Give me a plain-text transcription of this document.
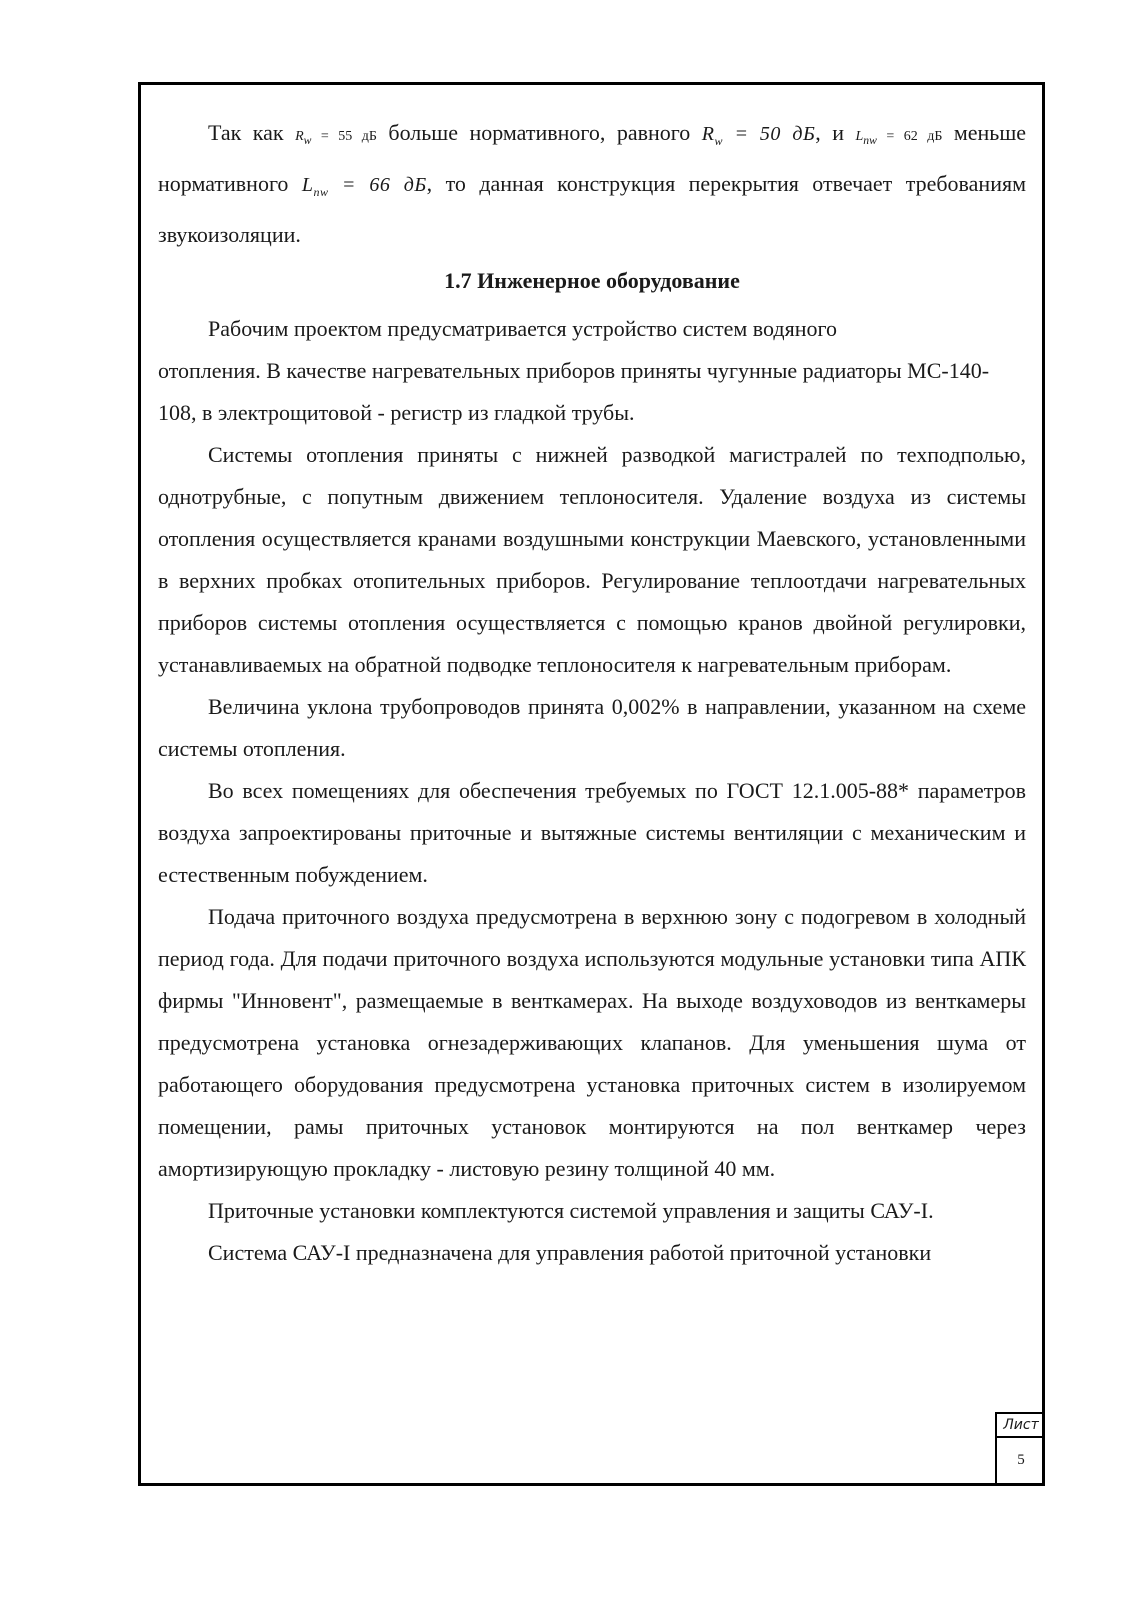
Так как $R_w = 55$ дБ больше нормативного, равного $R_w = 50$ дБ, и $L_{nw} = 62$ дБ меньше нормативного $L_{nw} = 66$ дБ, то данная конструкция перекрытия отвечает требованиям звукоизоляции.

1.7 Инженерное оборудование

Рабочим проектом предусматривается устройство систем водяного

отопления. В качестве нагревательных приборов приняты чугунные радиаторы МС-140-108, в электрощитовой - регистр из гладкой трубы.

Системы отопления приняты с нижней разводкой магистралей по техподполью, однотрубные, с попутным движением теплоносителя. Удаление воздуха из системы отопления осуществляется кранами воздушными конструкции Маевского, установленными в верхних пробках отопительных приборов. Регулирование теплоотдачи нагревательных приборов системы отопления осуществляется с помощью кранов двойной регулировки, устанавливаемых на обратной подводке теплоносителя к нагревательным приборам.

Величина уклона трубопроводов принята 0,002% в направлении, указанном на схеме системы отопления.

Во всех помещениях для обеспечения требуемых по ГОСТ 12.1.005-88* параметров воздуха запроектированы приточные и вытяжные системы вентиляции с механическим и естественным побуждением.

Подача приточного воздуха предусмотрена в верхнюю зону с подогревом в холодный период года. Для подачи приточного воздуха используются модульные установки типа АПК фирмы "Инновент", размещаемые в венткамерах. На выходе воздуховодов из венткамеры предусмотрена установка огнезадерживающих клапанов. Для уменьшения шума от работающего оборудования предусмотрена установка приточных систем в изолируемом помещении, рамы приточных установок монтируются на пол венткамер через амортизирующую прокладку - листовую резину толщиной 40 мм.

Приточные установки комплектуются системой управления и защиты САУ-I.

Система САУ-I предназначена для управления работой приточной установки

Лист
5
